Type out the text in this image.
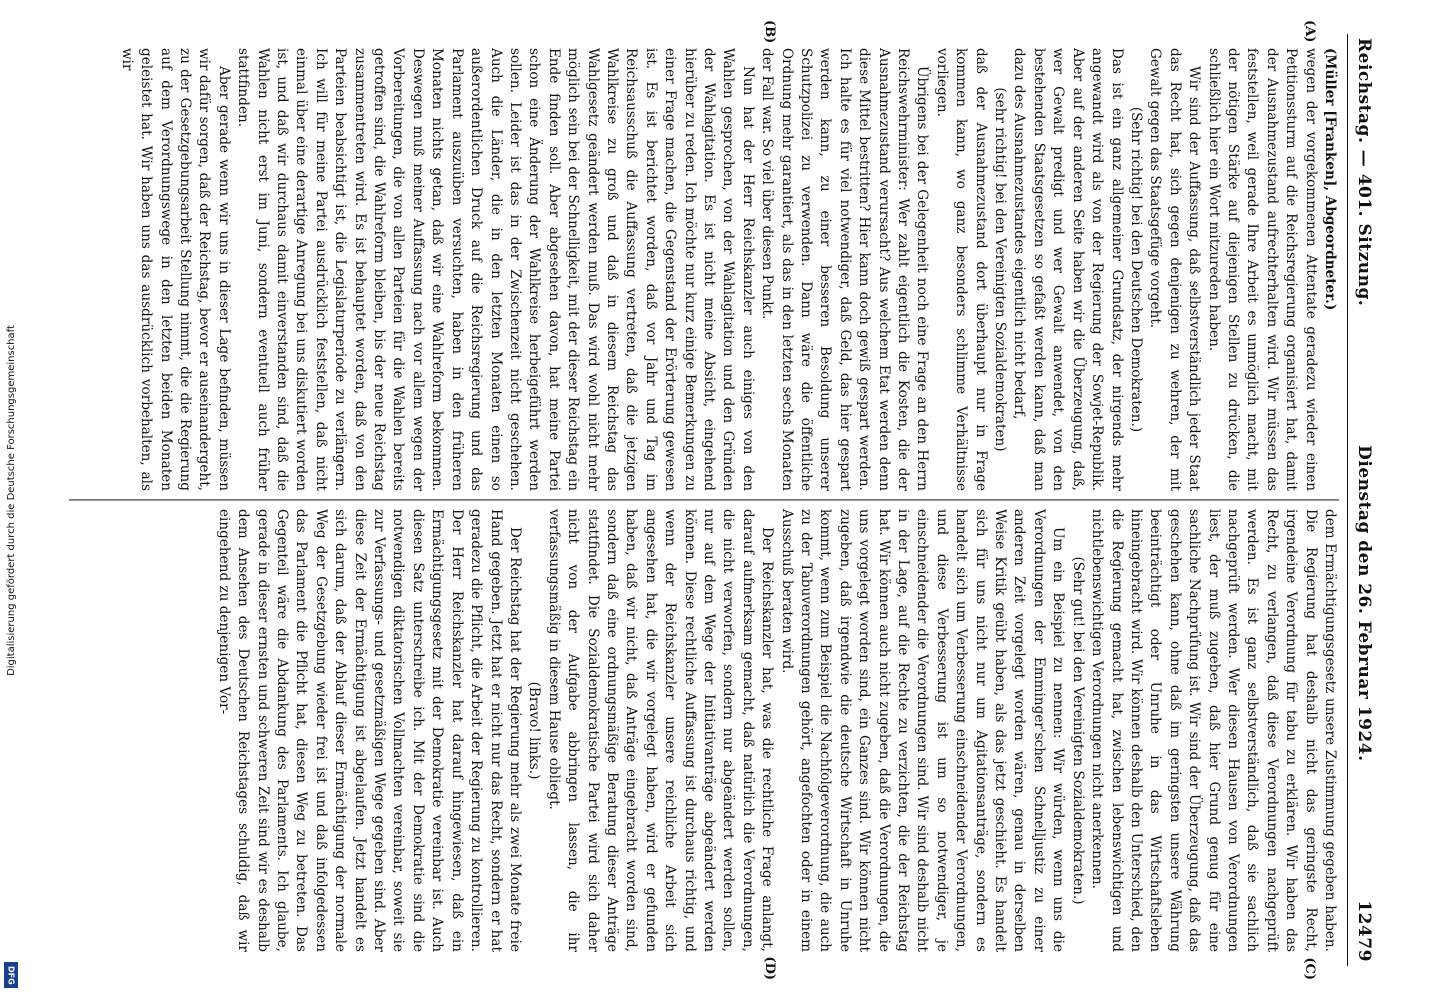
Digitalisierung gefördert durch die Deutsche Forschungsgemeinschaft
DFG
Reichstag. — 401. Sitzung.
Dienstag den 26. Februar 1924.
12479
(A)
(B)

(Müller [Franken], Abgeordneter.)

wegen der vorgekommenen Attentate geradezu wieder einen Petitionssturm auf die Reichsregierung organisiert hat, damit der Ausnahmezustand aufrechterhalten wird. Wir müssen das feststellen, weil gerade Ihre Arbeit es unmöglich macht, mit der nötigen Stärke auf diejenigen Stellen zu drücken, die schließlich hier ein Wort mitzureden haben.

Wir sind der Auffassung, daß selbstverständlich jeder Staat das Recht hat, sich gegen denjenigen zu wehren, der mit Gewalt gegen das Staatsgefüge vorgeht.

(Sehr richtig! bei den Deutschen Demokraten.)

Das ist ein ganz allgemeiner Grundsatz, der nirgends mehr angewandt wird als von der Regierung der Sowjet-Republik. Aber auf der anderen Seite haben wir die Überzeugung, daß, wer Gewalt predigt und wer Gewalt anwendet, von den bestehenden Staatsgesetzen so gefaßt werden kann, daß man dazu des Ausnahmezustandes eigentlich nicht bedarf,

(sehr richtig! bei den Vereinigten Sozialdemokraten)

daß der Ausnahmezustand dort überhaupt nur in Frage kommen kann, wo ganz besonders schlimme Verhältnisse vorliegen.

Übrigens bei der Gelegenheit noch eine Frage an den Herrn Reichswehrminister: Wer zahlt eigentlich die Kosten, die der Ausnahmezustand verursacht? Aus welchem Etat werden denn diese Mittel bestritten? Hier kann doch gewiß gespart werden. Ich halte es für viel notwendiger, daß Geld, das hier gespart werden kann, zu einer besseren Besoldung unserer Schutzpolizei zu verwenden. Dann wäre die öffentliche Ordnung mehr garantiert, als das in den letzten sechs Monaten der Fall war. So viel über diesen Punkt.

Nun hat der Herr Reichskanzler auch einiges von den Wahlen gesprochen, von der Wahlagitation und den Gründen der Wahlagitation. Es ist nicht meine Absicht, eingehend hierüber zu reden. Ich möchte nur kurz einige Bemerkungen zu einer Frage machen, die Gegenstand der Erörterung gewesen ist. Es ist berichtet worden, daß vor Jahr und Tag im Reichsausschuß die Auffassung vertreten, daß die jetzigen Wahlkreise zu groß und daß in diesem Reichstag das Wahlgesetz geändert werden muß. Das wird wohl nicht mehr möglich sein bei der Schnelligkeit, mit der dieser Reichstag ein Ende finden soll. Aber abgesehen davon, hat meine Partei schon eine Änderung der Wahlkreise herbeigeführt werden sollen. Leider ist das in der Zwischenzeit nicht geschehen. Auch die Länder, die in den letzten Monaten einen so außerordentlichen Druck auf die Reichsregierung und das Parlament auszuüben versuchten, haben in den früheren Monaten nichts getan, daß wir eine Wahlreform bekommen. Deswegen muß meiner Auffassung nach vor allem wegen der Vorbereitungen, die von allen Parteien für die Wahlen bereits getroffen sind, die Wahlreform bleiben, bis der neue Reichstag zusammentreten wird. Es ist behauptet worden, daß von den Parteien beabsichtigt ist, die Legislaturperiode zu verlängern. Ich will für meine Partei ausdrücklich feststellen, daß nicht einmal über eine derartige Anregung bei uns diskutiert worden ist, und daß wir durchaus damit einverstanden sind, daß die Wahlen nicht erst im Juni, sondern eventuell auch früher stattfinden.

Aber gerade wenn wir uns in dieser Lage befinden, müssen wir dafür sorgen, daß der Reichstag, bevor er auseinandergeht, zu der Gesetzgebungsarbeit Stellung nimmt, die die Regierung auf dem Verordnungswege in den letzten beiden Monaten geleistet hat. Wir haben uns das ausdrücklich vorbehalten, als wir

(C)
(D)

dem Ermächtigungsgesetz unsere Zustimmung gegeben haben. Die Regierung hat deshalb nicht das geringste Recht, irgendeine Verordnung für tabu zu erklären. Wir haben das Recht, zu verlangen, daß diese Verordnungen nachgeprüft werden. Es ist ganz selbstverständlich, daß sie sachlich nachgeprüft werden. Wer diesen Hausen von Verordnungen liest, der muß zugeben, daß hier Grund genug für eine sachliche Nachprüfung ist. Wir sind der Überzeugung, daß das geschehen kann, ohne daß im geringsten unsere Währung beeinträchtigt oder Unruhe in das Wirtschaftsleben hineingebracht wird. Wir können deshalb den Unterschied, den die Regierung gemacht hat, zwischen lebenswichtigen und nichtlebenswichtigen Verordnungen nicht anerkennen.

(Sehr gut! bei den Vereinigten Sozialdemokraten.)

Um ein Beispiel zu nennen: Wir würden, wenn uns die Verordnungen der Emminger'schen Schnelljustiz zu einer anderen Zeit vorgelegt worden wären, genau in derselben Weise Kritik geübt haben, als das jetzt geschieht. Es handelt sich für uns nicht nur um Agitationsanträge, sondern es handelt sich um Verbesserung einschneidender Verordnungen, und diese Verbesserung ist um so notwendiger, je einschneidender die Verordnungen sind. Wir sind deshalb nicht in der Lage, auf die Rechte zu verzichten, die der Reichstag hat. Wir können auch nicht zugeben, daß die Verordnungen, die uns vorgelegt worden sind, ein Ganzes sind. Wir können nicht zugeben, daß irgendwie die deutsche Wirtschaft in Unruhe kommt, wenn zum Beispiel die Nachfolgeverordnung, die auch zu der Tabuverordnungen gehört, angefochten oder in einem Ausschuß beraten wird.

Der Reichskanzler hat, was die rechtliche Frage anlangt, darauf aufmerksam gemacht, daß natürlich die Verordnungen, die nicht verworfen, sondern nur abgeändert werden sollen, nur auf dem Wege der Initiativanträge abgeändert werden können. Diese rechtliche Auffassung ist durchaus richtig, und wenn der Reichskanzler unsere reichliche Arbeit sich angesehen hat, die wir vorgelegt haben, wird er gefunden haben, daß wir nicht, daß Anträge eingebracht worden sind, sondern daß eine ordnungsmäßige Beratung dieser Anträge stattfindet. Die Sozialdemokratische Partei wird sich daher nicht von der Aufgabe abbringen lassen, die ihr verfassungsmäßig in diesem Hause obliegt.

(Bravo! links.)

Der Reichstag hat der Regierung mehr als zwei Monate freie Hand gegeben. Jetzt hat er nicht nur das Recht, sondern er hat geradezu die Pflicht, die Arbeit der Regierung zu kontrollieren. Der Herr Reichskanzler hat darauf hingewiesen, daß ein Ermächtigungsgesetz mit der Demokratie vereinbar ist. Auch diesen Satz unterschreibe ich. Mit der Demokratie sind die notwendigen diktatorischen Vollmachten vereinbar, soweit sie zur Verfassungs- und gesetzmäßigen Wege gegeben sind. Aber diese Zeit der Ermächtigung ist abgelaufen. Jetzt handelt es sich darum, daß der Ablauf dieser Ermächtigung der normale Weg der Gesetzgebung wieder frei ist und daß infolgedessen das Parlament die Pflicht hat, diesen Weg zu betreten. Das Gegenteil wäre die Abdankung des Parlaments. Ich glaube, gerade in dieser ernsten und schweren Zeit sind wir es deshalb dem Ansehen des Deutschen Reichstages schuldig, daß wir eingehend zu denjenigen Vor-
